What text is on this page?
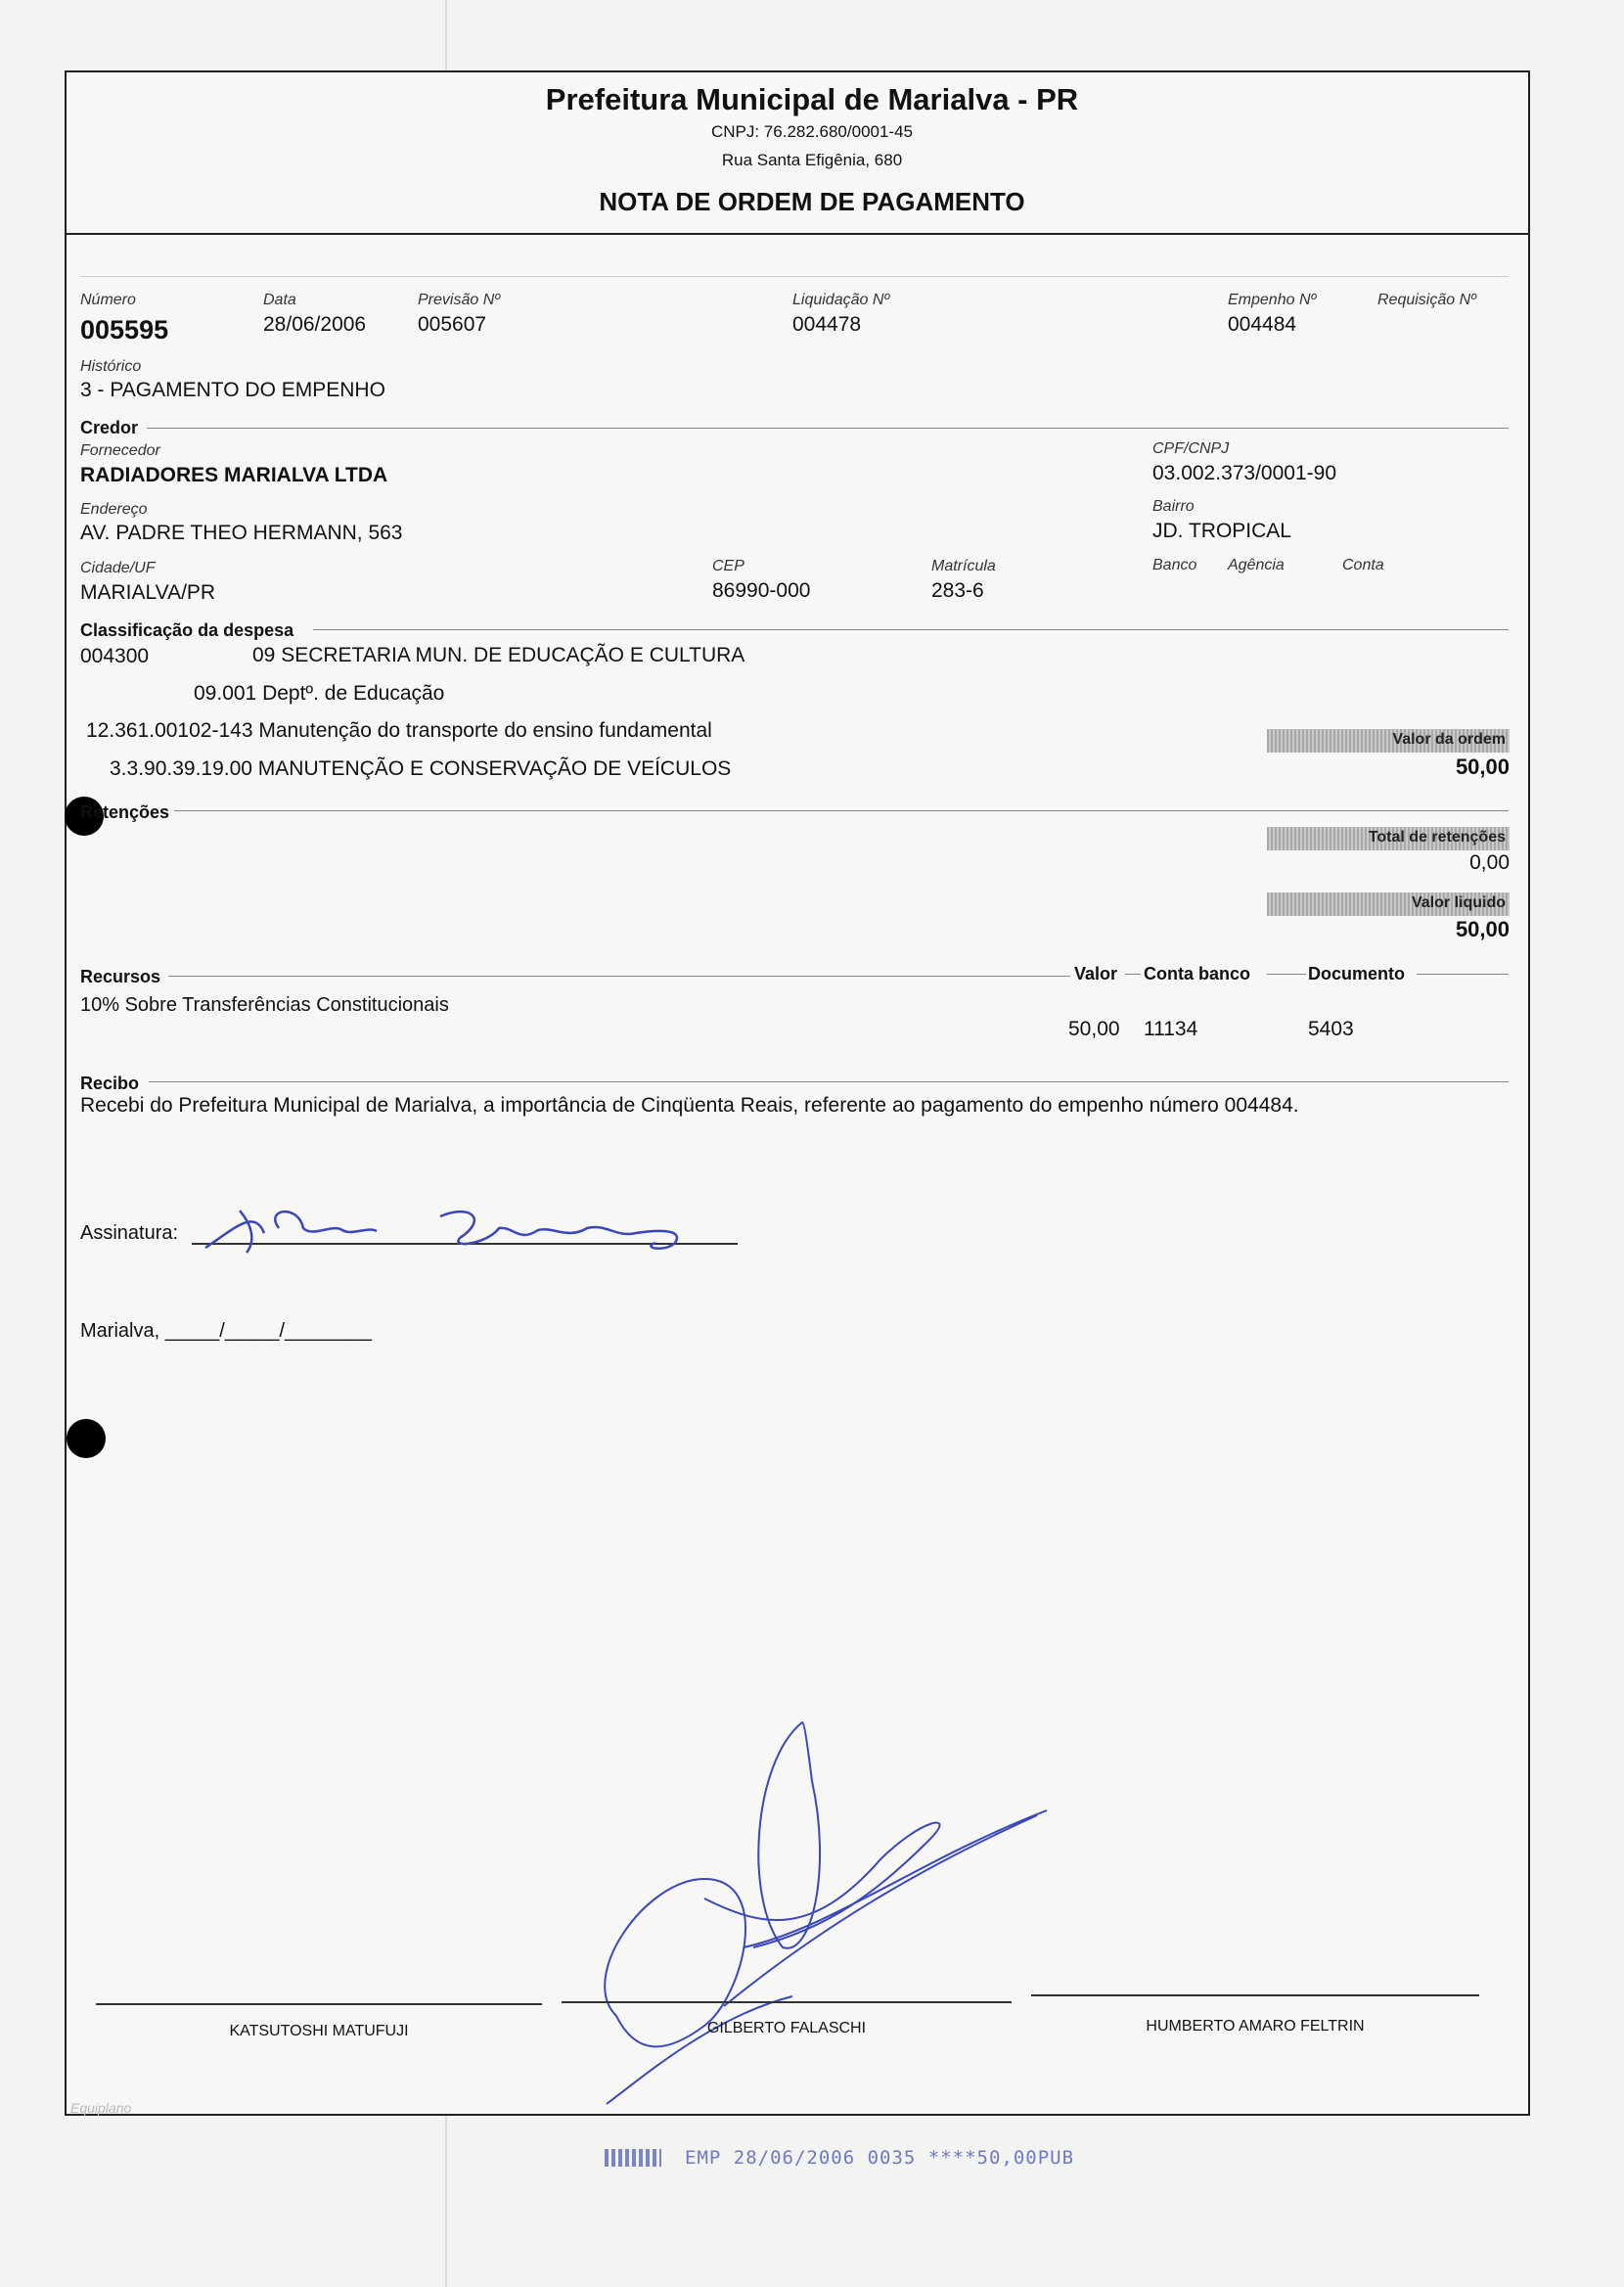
Prefeitura Municipal de Marialva - PR
CNPJ: 76.282.680/0001-45
Rua Santa Efigênia, 680
NOTA DE ORDEM DE PAGAMENTO
Número
005595
Data
28/06/2006
Previsão Nº
005607
Liquidação Nº
004478
Empenho Nº
004484
Requisição Nº
Histórico
3 - PAGAMENTO DO EMPENHO
Credor
Fornecedor
RADIADORES MARIALVA LTDA
CPF/CNPJ
03.002.373/0001-90
Endereço
AV. PADRE THEO HERMANN, 563
Bairro
JD. TROPICAL
Cidade/UF
MARIALVA/PR
CEP
86990-000
Matrícula
283-6
Banco Agência	Conta
Classificação da despesa
004300	09 SECRETARIA MUN. DE EDUCAÇÃO E CULTURA
09.001 Deptº. de Educação
12.361.00102-143 Manutenção do transporte do ensino fundamental
3.3.90.39.19.00 MANUTENÇÃO E CONSERVAÇÃO DE VEÍCULOS
Valor da ordem
50,00
Retenções
Total de retenções
0,00
Valor liquido
50,00
Recursos	Valor Conta banco	Documento
10% Sobre Transferências Constitucionais
50,00 11134	5403
Recibo
Recebi do Prefeitura Municipal de Marialva, a importância de Cinqüenta Reais, referente ao pagamento do empenho número 004484.
Assinatura:
Marialva, _____/_____/________
KATSUTOSHI MATUFUJI	GILBERTO FALASCHI	HUMBERTO AMARO FELTRIN
Equiplano
EMP 28/06/2006 0035 ****50,00PUB
